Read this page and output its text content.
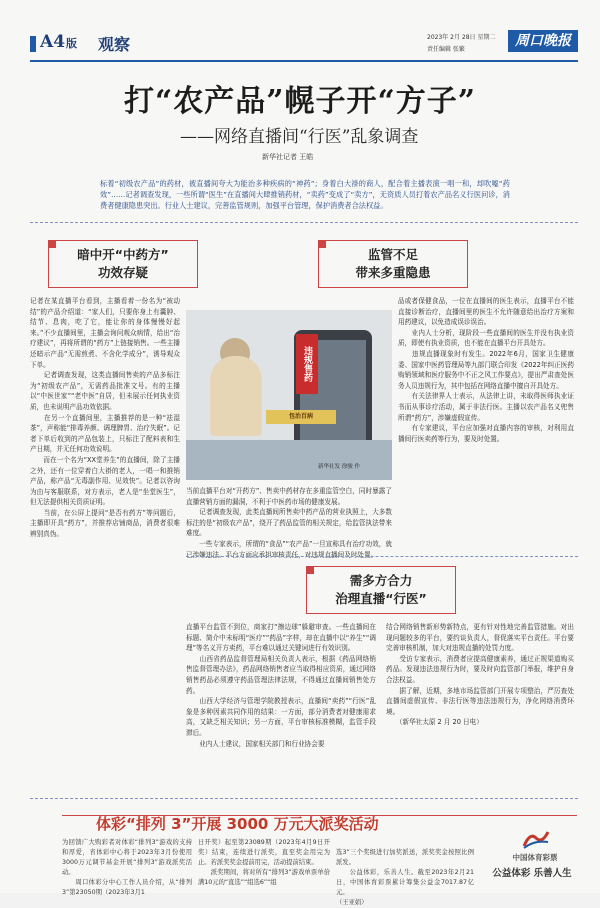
A4版 观察	2023年 2月 28日 星期二
责任编辑 张繁
周口晚报
打“农产品”幌子开“方子”
——网络直播间“行医”乱象调查
新华社记者 王皓
标着“初级农产品”的药材，被直播间夸大为能治多种疾病的“神药”；身着白大褂的商人，配合着主播表演一唱一和，却吹嘘“药效”……记者调查发现，一些所谓“医生”在直播间大肆推销药材，“卖药”变成了“卖方”，无资质人员打着农产品名义行医问诊，消费者健康隐患突出。行业人士建议，完善监管规则，加强平台管理，保护消费者合法权益。
暗中开“中药方”
功效存疑
监管不足
带来多重隐患
记者在某直播平台看到，主播看着一份名为“被动结”的产品介绍道：“家人们，只要你身上有囊肿、结节、息肉，吃了它，能让你的身体慢慢好起来。”不少直播间里，主播会询问观众病情，给出“治疗建议”，再将所谓的“药方”上链接销售。一些主播还暗示产品“无需煎煮、不含化学成分”，诱导观众下单。
　　记者调查发现，这类直播间售卖的产品多标注为“初级农产品”，无需药品批准文号。有的主播以“中医世家”“老中医”自居，但未展示任何执业资质，也未说明产品功效依据。
　　在另一个直播间里，主播推荐的是一种“祛湿茶”，声称能“排毒养颜、调理脾胃、治疗失眠”。记者下单后收到的产品包装上，只标注了配料表和生产日期，并无任何功效说明。
　　而在一个名为“XX堂养生”的直播间，除了主播之外，还有一位穿着白大褂的老人，一唱一和推销产品，称产品“无毒副作用、见效快”。记者以咨询为由与客服联系，对方表示，老人是“坐堂医生”，但无法提供相关资质证明。
　　当前，在公屏上提问“是否有药方”等问题后，主播即开具“药方”，并推荐店铺商品，消费者很难辨别真伪。
违规售药
包治百病
新华社发 徐骏 作
当前直播平台对“开药方”、售卖中药材存在多重监管空白，同时暴露了直播营销方面的漏洞，不利于中医药市场的健康发展。
　　记者调查发现，此类直播间所售卖中药产品的营业执照上，大多数标注的是“初级农产品”，绕开了药品监管的相关规定，给监管执法带来难度。
　　一些专家表示，所谓的“食品”“农产品”一旦宣称具有治疗功效，就已涉嫌违法。平台方面应承担审核责任，对违规直播间及时处置。
品或者保健食品，一位在直播间的医生表示，直播平台不能直接诊断治疗，直播间里的医生不允许随意给出治疗方案和用药建议，以免造成误诊误治。
　　业内人士分析，现阶段一些直播间的医生并没有执业资质，即使有执业资质，也不能在直播平台开具处方。
　　违规直播现象时有发生。2022年6月，国家卫生健康委、国家中医药管理局等九部门联合印发《2022年纠正医药购销领域和医疗服务中不正之风工作要点》，提出严肃查处医务人员违规行为，其中包括在网络直播中擅自开具处方。
　　有关法律界人士表示，从法律上讲，未取得医师执业证书而从事诊疗活动，属于非法行医。主播以农产品名义兜售所谓“药方”，涉嫌虚假宣传。
　　有专家建议，平台应加强对直播内容的审核，对利用直播间行医卖药等行为，要及时处置。
需多方合力
治理直播“行医”
直播平台监管不到位，商家打“擦边球”躲避审查。一些直播间在标题、简介中未标明“医疗”“药品”字样，却在直播中以“养生”“调理”等名义开方卖药，平台难以通过关键词进行有效识别。
　　山西省药品监督管理局相关负责人表示，根据《药品网络销售监督管理办法》，药品网络销售者应当取得相应资质，通过网络销售药品必须遵守药品管理法律法规，不得通过直播间销售处方药。
　　山西大学经济与管理学院教授表示，直播间“卖药”“行医”乱象是多种因素共同作用的结果：一方面，部分消费者对健康需求高，又缺乏相关知识；另一方面，平台审核标准模糊，监管手段滞后。
　　业内人士建议，国家相关部门和行业协会要
结合网络销售新形势新特点，更有针对性地完善监管措施。对出现问题较多的平台，要约谈负责人，督促落实平台责任。平台要完善审核机制，加大对违规直播的处罚力度。
　　受访专家表示，消费者应提高健康素养，通过正规渠道购买药品。发现违法违规行为时，要及时向监管部门举报，维护自身合法权益。
　　据了解，近期，多地市场监管部门开展专项整治，严厉查处直播间虚假宣传、非法行医等违法违规行为，净化网络消费环境。
　　（新华社太原 2 月 20 日电）
体彩“排列 3”开展 3000 万元大派奖活动
为回馈广大购彩者对体彩“排列3”游戏的支持和厚爱，省体彩中心将于2023年3月份使用3000万元调节基金开展“排列3”游戏派奖活动。
　　周口体彩分中心工作人员介绍，从“排列3”第23050期（2023年3月1
日开奖）起至第23089期（2023年4月9日开奖）结束，连续进行派奖，直至奖金用完为止。若派奖奖金提前用完，活动提前结束。
　　派奖期间，将对所有“排列3”游戏单票单倍满10元的“直选”“组选6”“组

选3”三个奖级进行加奖派送，派奖奖金按照比例派发。
　　公益体彩，乐善人生。截至2023年2月21日，中国体育彩票累计筹集公益金7017.87亿元。
（王亚娟）

中国体育彩票
公益体彩 乐善人生
